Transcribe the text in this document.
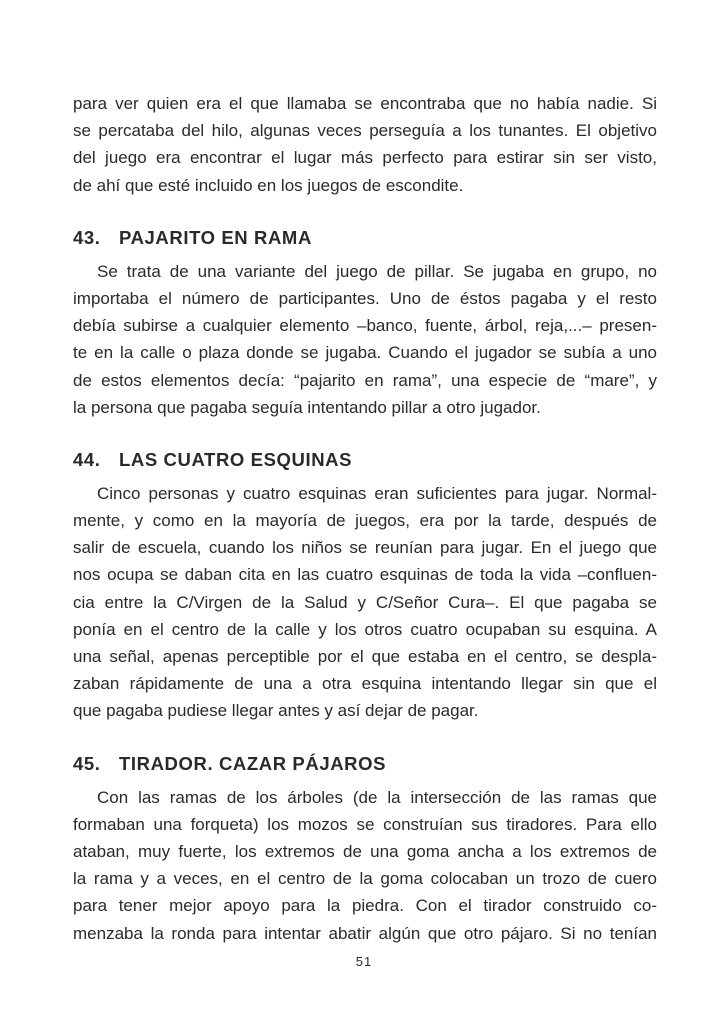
para ver quien era el que llamaba se encontraba que no había nadie. Si
se percataba del hilo, algunas veces perseguía a los tunantes. El objetivo
del juego era encontrar el lugar más perfecto para estirar sin ser visto,
de ahí que esté incluido en los juegos de escondite.
43. PAJARITO EN RAMA
Se trata de una variante del juego de pillar. Se jugaba en grupo, no
importaba el número de participantes. Uno de éstos pagaba y el resto
debía subirse a cualquier elemento –banco, fuente, árbol, reja,...– presen-
te en la calle o plaza donde se jugaba. Cuando el jugador se subía a uno
de estos elementos decía: “pajarito en rama”, una especie de “mare”, y
la persona que pagaba seguía intentando pillar a otro jugador.
44. LAS CUATRO ESQUINAS
Cinco personas y cuatro esquinas eran suficientes para jugar. Normal-
mente, y como en la mayoría de juegos, era por la tarde, después de
salir de escuela, cuando los niños se reunían para jugar. En el juego que
nos ocupa se daban cita en las cuatro esquinas de toda la vida –confluen-
cia entre la C/Virgen de la Salud y C/Señor Cura–. El que pagaba se
ponía en el centro de la calle y los otros cuatro ocupaban su esquina. A
una señal, apenas perceptible por el que estaba en el centro, se despla-
zaban rápidamente de una a otra esquina intentando llegar sin que el
que pagaba pudiese llegar antes y así dejar de pagar.
45. TIRADOR. CAZAR PÁJAROS
Con las ramas de los árboles (de la intersección de las ramas que
formaban una forqueta) los mozos se construían sus tiradores. Para ello
ataban, muy fuerte, los extremos de una goma ancha a los extremos de
la rama y a veces, en el centro de la goma colocaban un trozo de cuero
para tener mejor apoyo para la piedra. Con el tirador construido co-
menzaba la ronda para intentar abatir algún que otro pájaro. Si no tenían
51
